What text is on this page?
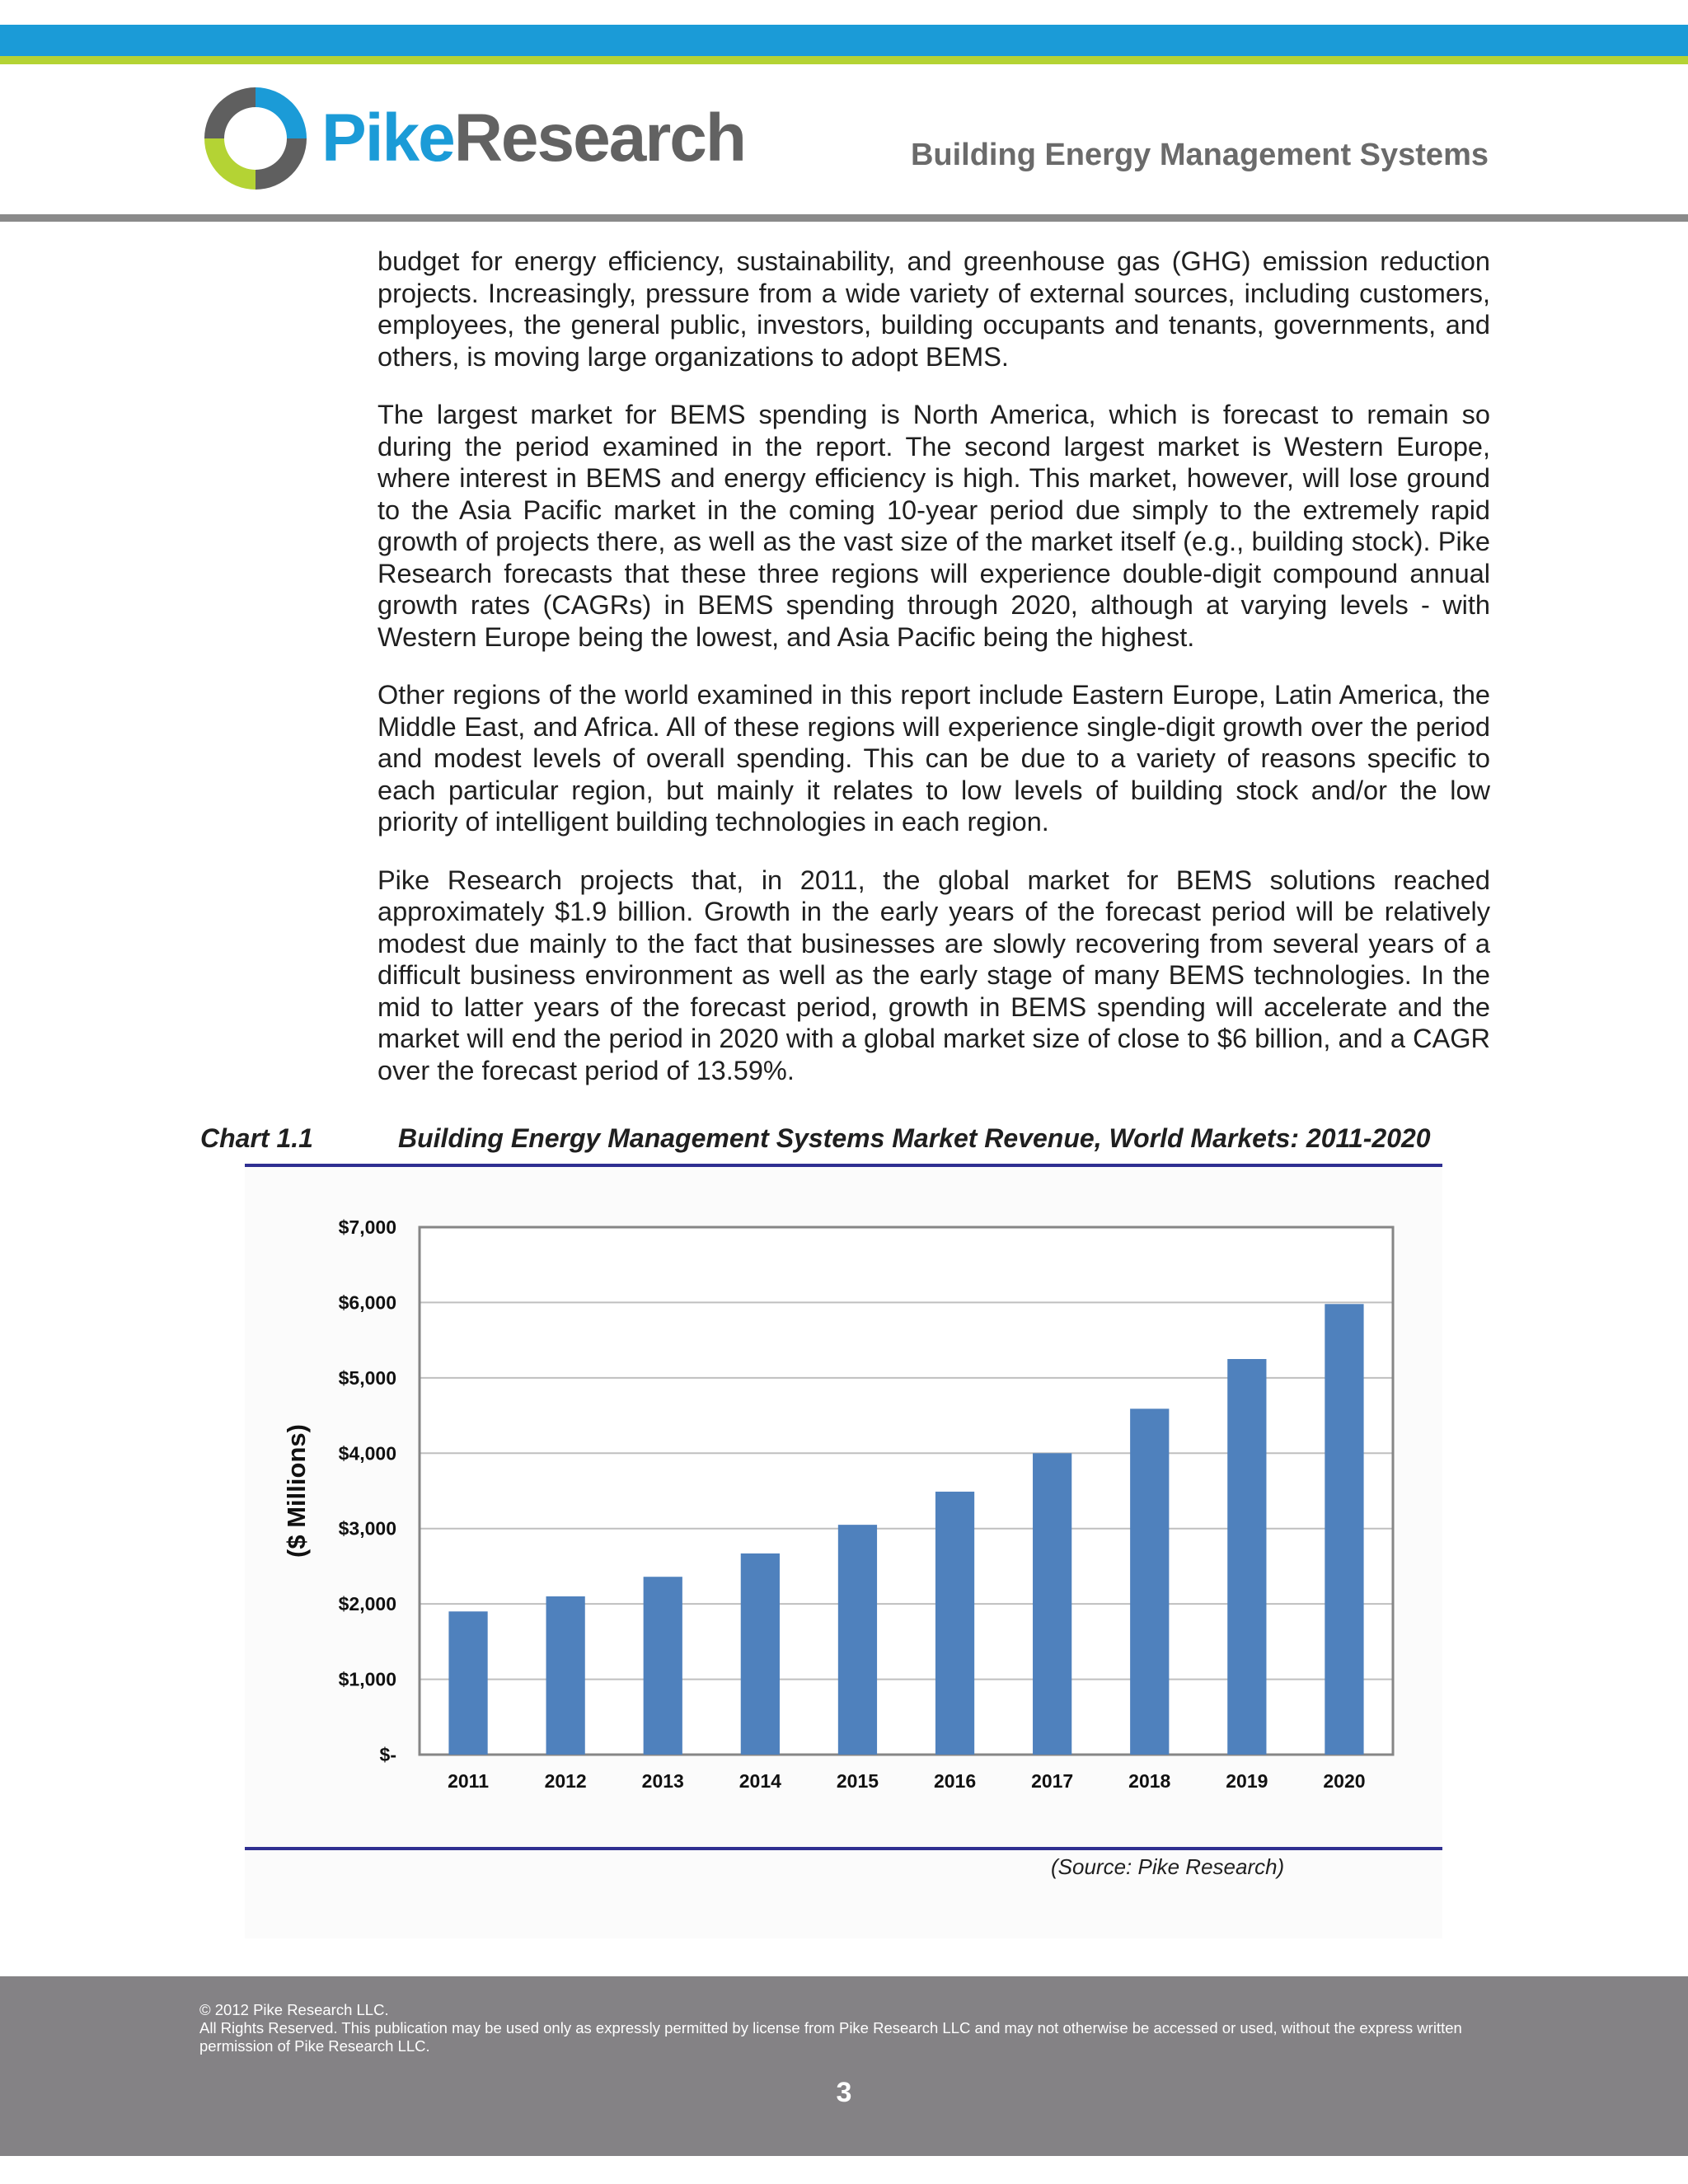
PikeResearch	Building Energy Management Systems

budget for energy efficiency, sustainability, and greenhouse gas (GHG) emission reduction projects. Increasingly, pressure from a wide variety of external sources, including customers, employees, the general public, investors, building occupants and tenants, governments, and others, is moving large organizations to adopt BEMS.

The largest market for BEMS spending is North America, which is forecast to remain so during the period examined in the report. The second largest market is Western Europe, where interest in BEMS and energy efficiency is high. This market, however, will lose ground to the Asia Pacific market in the coming 10-year period due simply to the extremely rapid growth of projects there, as well as the vast size of the market itself (e.g., building stock). Pike Research forecasts that these three regions will experience double-digit compound annual growth rates (CAGRs) in BEMS spending through 2020, although at varying levels - with Western Europe being the lowest, and Asia Pacific being the highest.

Other regions of the world examined in this report include Eastern Europe, Latin America, the Middle East, and Africa. All of these regions will experience single-digit growth over the period and modest levels of overall spending. This can be due to a variety of reasons specific to each particular region, but mainly it relates to low levels of building stock and/or the low priority of intelligent building technologies in each region.

Pike Research projects that, in 2011, the global market for BEMS solutions reached approximately $1.9 billion. Growth in the early years of the forecast period will be relatively modest due mainly to the fact that businesses are slowly recovering from several years of a difficult business environment as well as the early stage of many BEMS technologies. In the mid to latter years of the forecast period, growth in BEMS spending will accelerate and the market will end the period in 2020 with a global market size of close to $6 billion, and a CAGR over the forecast period of 13.59%.

Chart 1.1	Building Energy Management Systems Market Revenue, World Markets: 2011-2020
$-
$1,000
$2,000
$3,000
$4,000
$5,000
$6,000
$7,000
2011	2012	2013	2014	2015	2016	2017	2018	2019	2020
($ Millions)
(Source: Pike Research)
© 2012 Pike Research LLC.
All Rights Reserved. This publication may be used only as expressly permitted by license from Pike Research LLC and may not otherwise be accessed or used, without the express written permission of Pike Research LLC.
3
